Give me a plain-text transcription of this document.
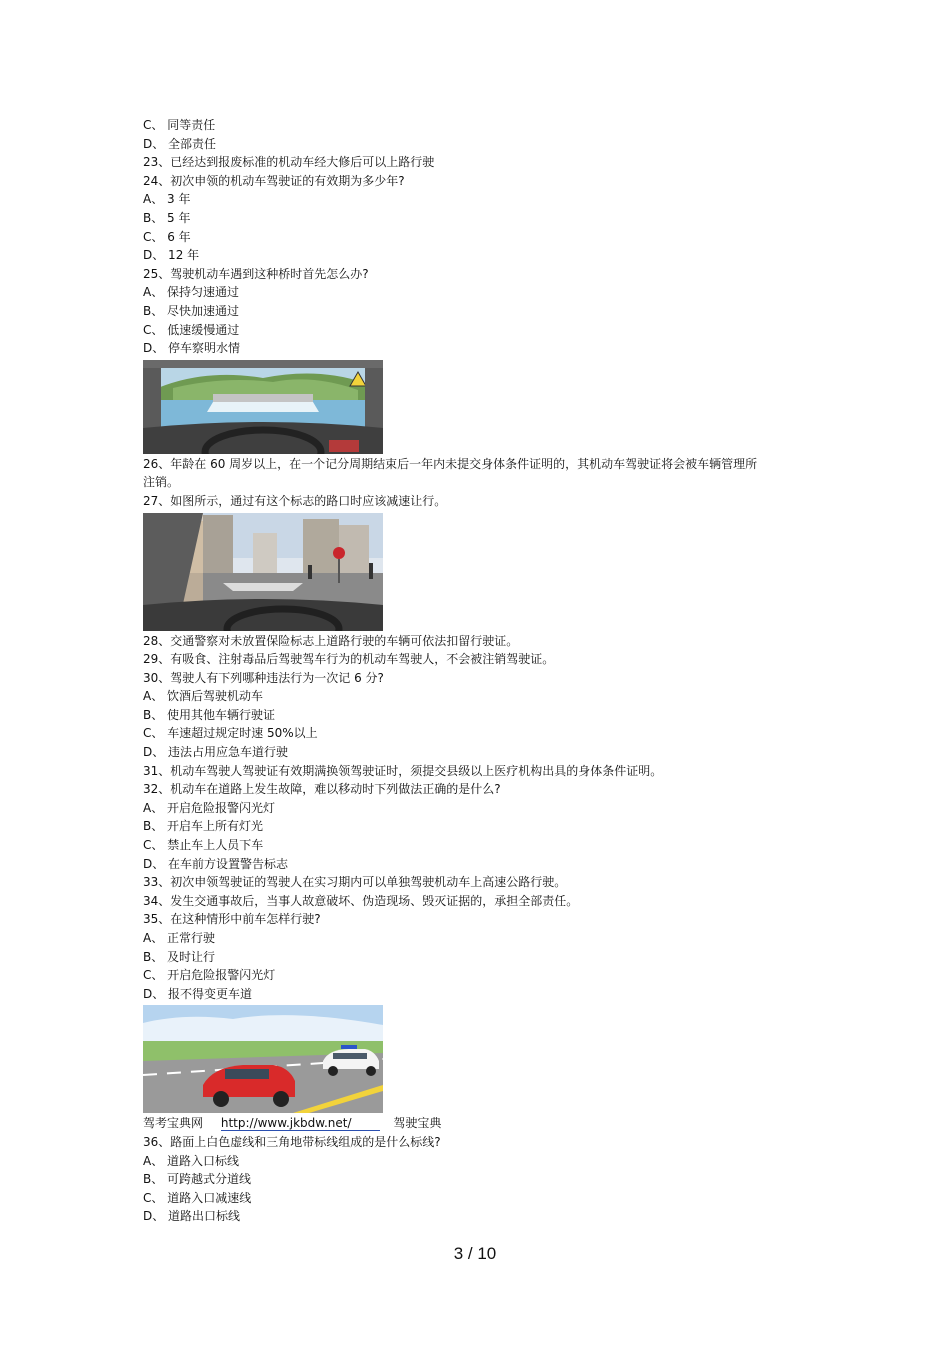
C、 同等责任
D、 全部责任
23、已经达到报废标准的机动车经大修后可以上路行驶
24、初次申领的机动车驾驶证的有效期为多少年?
A、 3 年
B、 5 年
C、 6 年
D、 12 年
25、驾驶机动车遇到这种桥时首先怎么办?
A、 保持匀速通过
B、 尽快加速通过
C、 低速缓慢通过
D、 停车察明水情
26、年龄在 60 周岁以上，在一个记分周期结束后一年内未提交身体条件证明的，其机动车驾驶证将会被车辆管理所注销。
27、如图所示，通过有这个标志的路口时应该减速让行。
28、交通警察对未放置保险标志上道路行驶的车辆可依法扣留行驶证。
29、有吸食、注射毒品后驾驶驾车行为的机动车驾驶人，不会被注销驾驶证。
30、驾驶人有下列哪种违法行为一次记 6 分?
A、 饮酒后驾驶机动车
B、 使用其他车辆行驶证
C、 车速超过规定时速 50%以上
D、 违法占用应急车道行驶
31、机动车驾驶人驾驶证有效期满换领驾驶证时，须提交县级以上医疗机构出具的身体条件证明。
32、机动车在道路上发生故障，难以移动时下列做法正确的是什么?
A、 开启危险报警闪光灯
B、 开启车上所有灯光
C、 禁止车上人员下车
D、 在车前方设置警告标志
33、初次申领驾驶证的驾驶人在实习期内可以单独驾驶机动车上高速公路行驶。
34、发生交通事故后，当事人故意破坏、伪造现场、毁灭证据的，承担全部责任。
35、在这种情形中前车怎样行驶?
A、 正常行驶
B、 及时让行
C、 开启危险报警闪光灯
D、 报不得变更车道
驾考宝典网 http://www.jkbdw.net/	驾驶宝典
36、路面上白色虚线和三角地带标线组成的是什么标线?
A、 道路入口标线
B、 可跨越式分道线
C、 道路入口减速线
D、 道路出口标线
3 / 10
